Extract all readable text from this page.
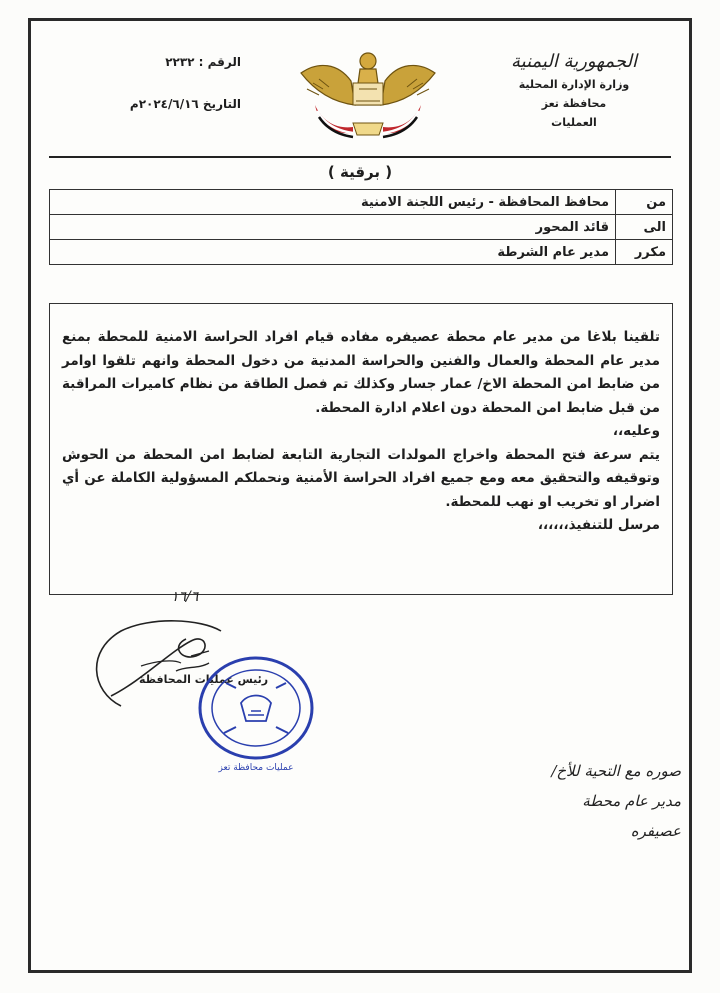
الجمهورية اليمنية
وزارة الإدارة المحلية
محافظة تعز
العمليات
الرقم : ٢٢٣٢
التاريخ ٢٠٢٤/٦/١٦م
( برقية )
من	محافظ المحافظة - رئيس اللجنة الامنية
الى	قائد المحور
مكرر	مدير عام الشرطة

تلقينا بلاغا من مدير عام محطة عصيفره مفاده قيام افراد الحراسة الامنية للمحطة بمنع مدير عام المحطة والعمال والفنين والحراسة المدنية من دخول المحطة وانهم تلقوا اوامر من ضابط امن المحطة الاخ/ عمار جسار وكذلك تم فصل الطاقة من نظام كاميرات المراقبة من قبل ضابط امن المحطة دون اعلام ادارة المحطة.

وعليه،،

يتم سرعة فتح المحطة واخراج المولدات التجارية التابعة لضابط امن المحطة من الحوش وتوقيفه والتحقيق معه ومع جميع افراد الحراسة الأمنية ونحملكم المسؤولية الكاملة عن أي اضرار او تخريب او نهب للمحطة.

مرسل للتنفيذ،،،،،،

رئيس عمليات المحافظة
١٦/٦
عمليات محافظة تعز	صوره مع التحية للأخ/
مدير عام محطة عصيفره
